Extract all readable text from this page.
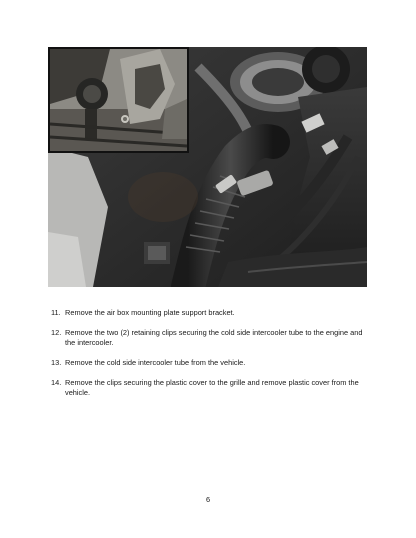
11. Remove the air box mounting plate support bracket.
12. Remove the two (2) retaining clips securing the cold side intercooler tube to the engine and the intercooler.
13. Remove the cold side intercooler tube from the vehicle.
14. Remove the clips securing the plastic cover to the grille and remove plastic cover from the vehicle.
6
